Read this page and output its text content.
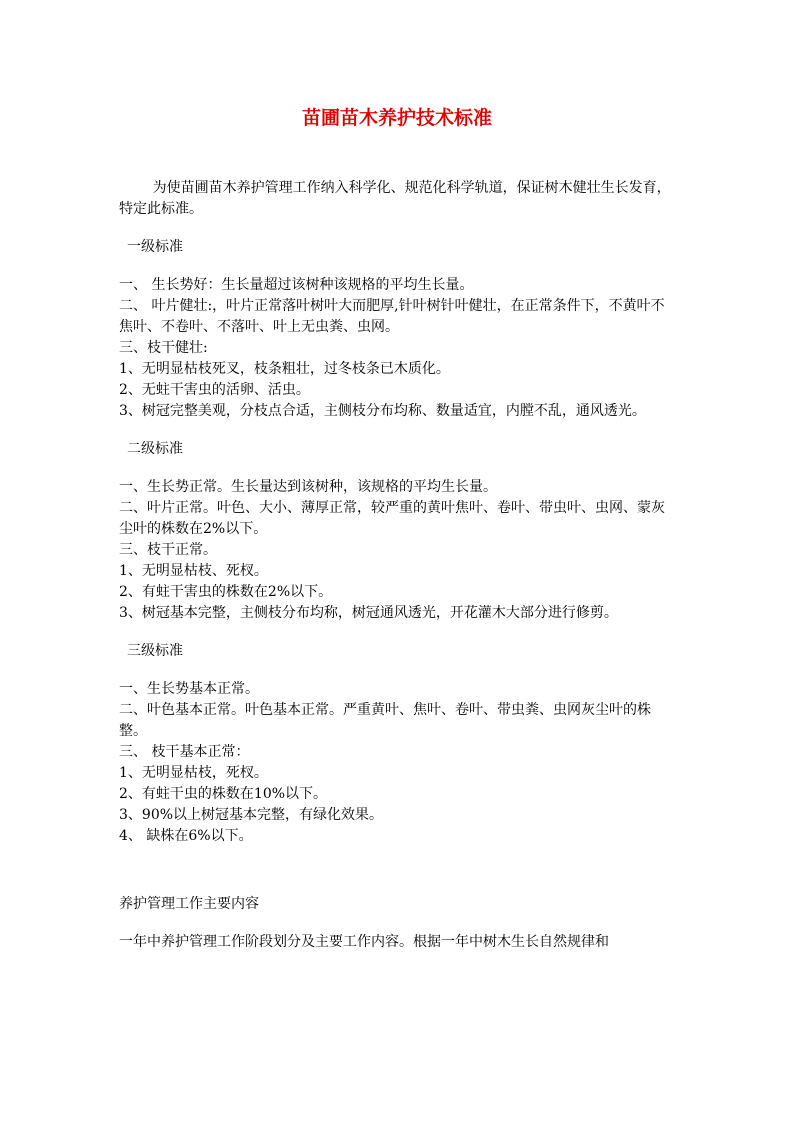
苗圃苗木养护技术标准

为使苗圃苗木养护管理工作纳入科学化、规范化科学轨道，保证树木健壮生长发育，特定此标准。

一级标准

一、 生长势好：生长量超过该树种该规格的平均生长量。

二、 叶片健壮:，叶片正常落叶树叶大而肥厚,针叶树针叶健壮，在正常条件下，不黄叶不焦叶、不卷叶、不落叶、叶上无虫粪、虫网。

三、枝干健壮:

1、无明显枯枝死叉，枝条粗壮，过冬枝条已木质化。

2、无蛀干害虫的活卵、活虫。

3、树冠完整美观，分枝点合适，主侧枝分布均称、数量适宜，内膛不乱，通风透光。

二级标准

一、生长势正常。生长量达到该树种，该规格的平均生长量。

二、叶片正常。叶色、大小、薄厚正常，较严重的黄叶焦叶、卷叶、带虫叶、虫网、蒙灰尘叶的株数在2%以下。

三、枝干正常。

1、无明显枯枝、死杈。

2、有蛀干害虫的株数在2%以下。

3、树冠基本完整，主侧枝分布均称，树冠通风透光，开花灌木大部分进行修剪。

三级标准

一、生长势基本正常。

二、叶色基本正常。叶色基本正常。严重黄叶、焦叶、卷叶、带虫粪、虫网灰尘叶的株整。

三、 枝干基本正常：

1、无明显枯枝，死杈。

2、有蛀干虫的株数在10%以下。

3、90%以上树冠基本完整，有绿化效果。

4、 缺株在6%以下。

养护管理工作主要内容

一年中养护管理工作阶段划分及主要工作内容。根据一年中树木生长自然规律和
